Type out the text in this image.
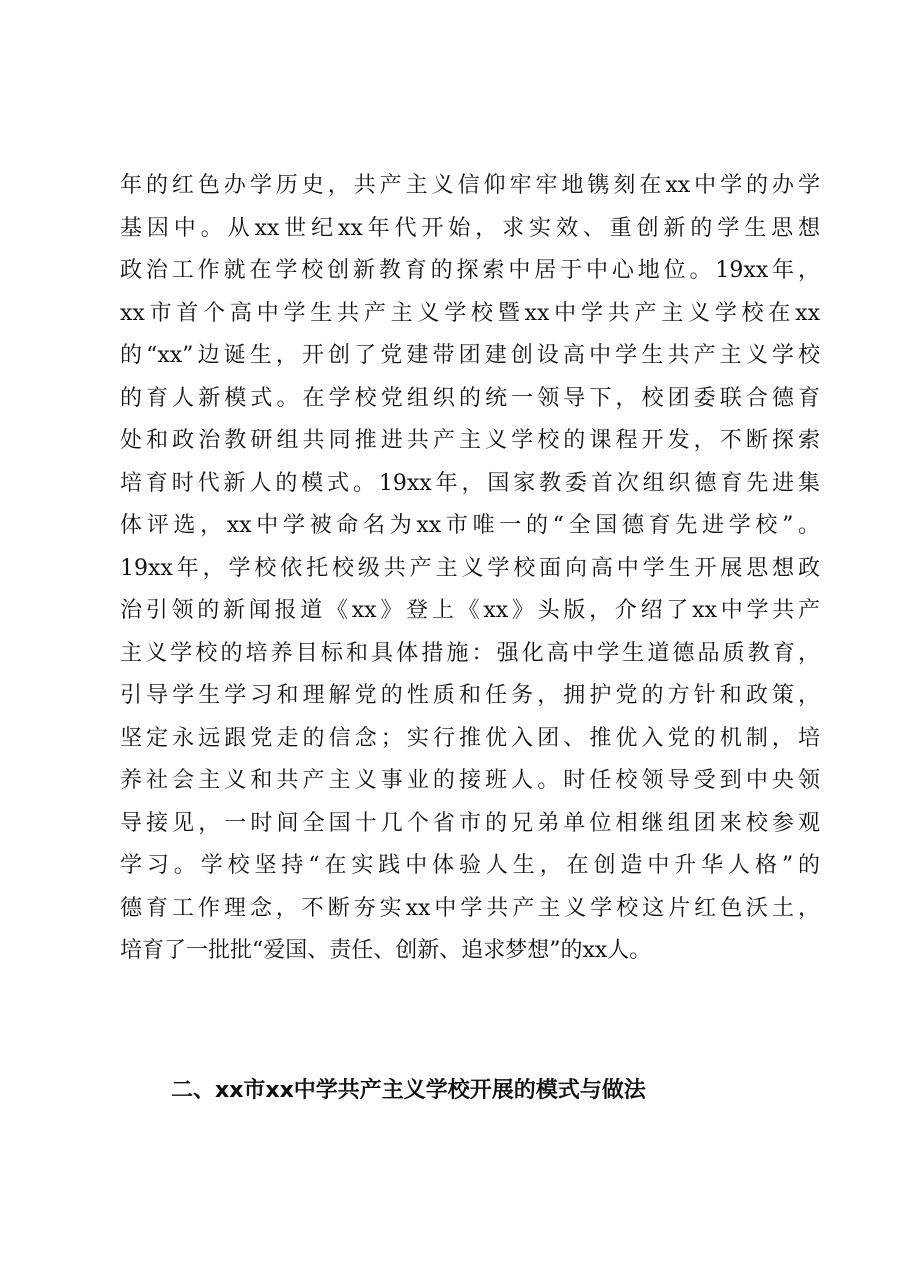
年的红色办学历史，共产主义信仰牢牢地镌刻在xx中学的办学
基因中。从xx世纪xx年代开始，求实效、重创新的学生思想
政治工作就在学校创新教育的探索中居于中心地位。19xx年，
xx市首个高中学生共产主义学校暨xx中学共产主义学校在xx
的“xx”边诞生，开创了党建带团建创设高中学生共产主义学校
的育人新模式。在学校党组织的统一领导下，校团委联合德育
处和政治教研组共同推进共产主义学校的课程开发，不断探索
培育时代新人的模式。19xx年，国家教委首次组织德育先进集
体评选，xx中学被命名为xx市唯一的“全国德育先进学校”。
19xx年，学校依托校级共产主义学校面向高中学生开展思想政
治引领的新闻报道《xx》登上《xx》头版，介绍了xx中学共产
主义学校的培养目标和具体措施：强化高中学生道德品质教育，
引导学生学习和理解党的性质和任务，拥护党的方针和政策，
坚定永远跟党走的信念；实行推优入团、推优入党的机制，培
养社会主义和共产主义事业的接班人。时任校领导受到中央领
导接见，一时间全国十几个省市的兄弟单位相继组团来校参观
学习。学校坚持“在实践中体验人生，在创造中升华人格”的
德育工作理念，不断夯实xx中学共产主义学校这片红色沃土，
培育了一批批“爱国、责任、创新、追求梦想”的xx人。
二、xx市xx中学共产主义学校开展的模式与做法
